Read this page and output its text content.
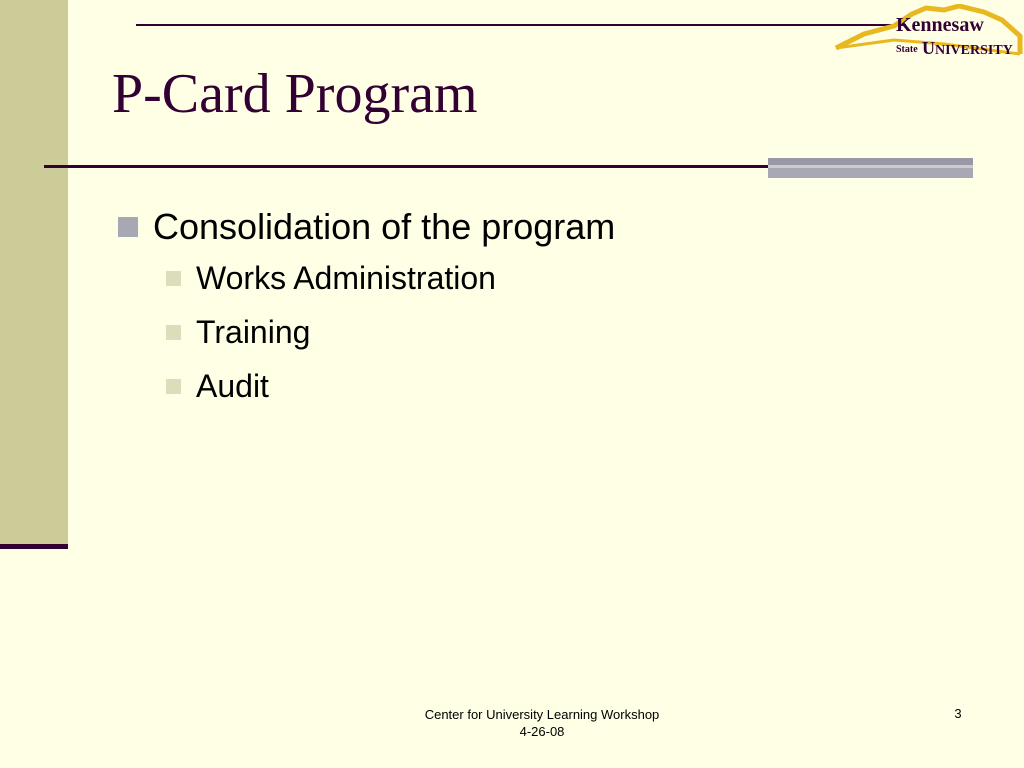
Kennesaw
State U NIVERSITY
P-Card Program
Consolidation of the program
Works Administration
Training
Audit
Center for University Learning Workshop
4-26-08
3
